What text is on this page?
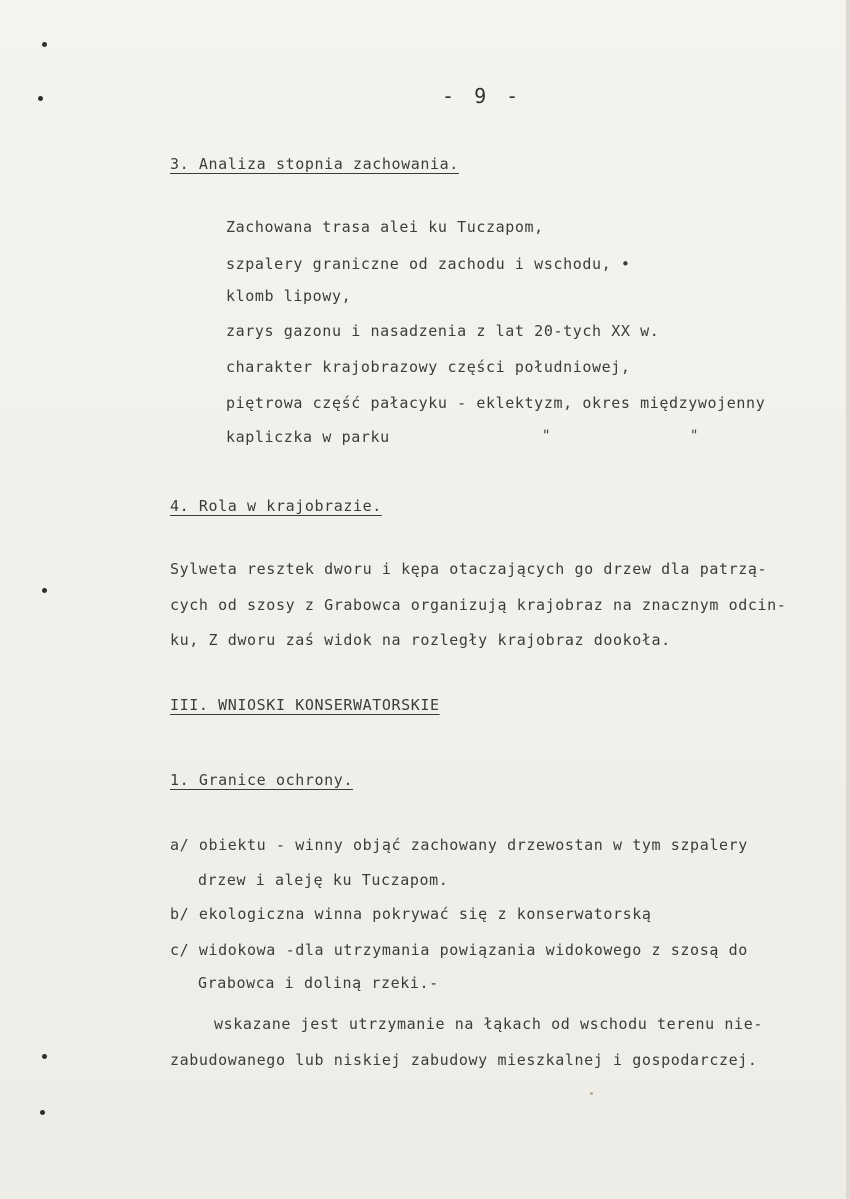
- 9 -
3. Analiza stopnia zachowania.
Zachowana trasa alei ku Tuczapom,
szpalery graniczne od zachodu i wschodu, •
klomb lipowy,
zarys gazonu i nasadzenia z lat 20-tych XX w.
charakter krajobrazowy części południowej,
piętrowa część pałacyku - eklektyzm, okres międzywojenny
kapliczka w parku	"	"
4. Rola w krajobrazie.
Sylweta resztek dworu i kępa otaczających go drzew dla patrzą-
cych od szosy z Grabowca organizują krajobraz na znacznym odcin-
ku, Z dworu zaś widok na rozległy krajobraz dookoła.
III. WNIOSKI KONSERWATORSKIE
1. Granice ochrony.
a/ obiektu - winny objąć zachowany drzewostan w tym szpalery
drzew i aleję ku Tuczapom.
b/ ekologiczna winna pokrywać się z konserwatorską
c/ widokowa -dla utrzymania powiązania widokowego z szosą do
Grabowca i doliną rzeki.-
wskazane jest utrzymanie na łąkach od wschodu terenu nie-
zabudowanego lub niskiej zabudowy mieszkalnej i gospodarczej.
